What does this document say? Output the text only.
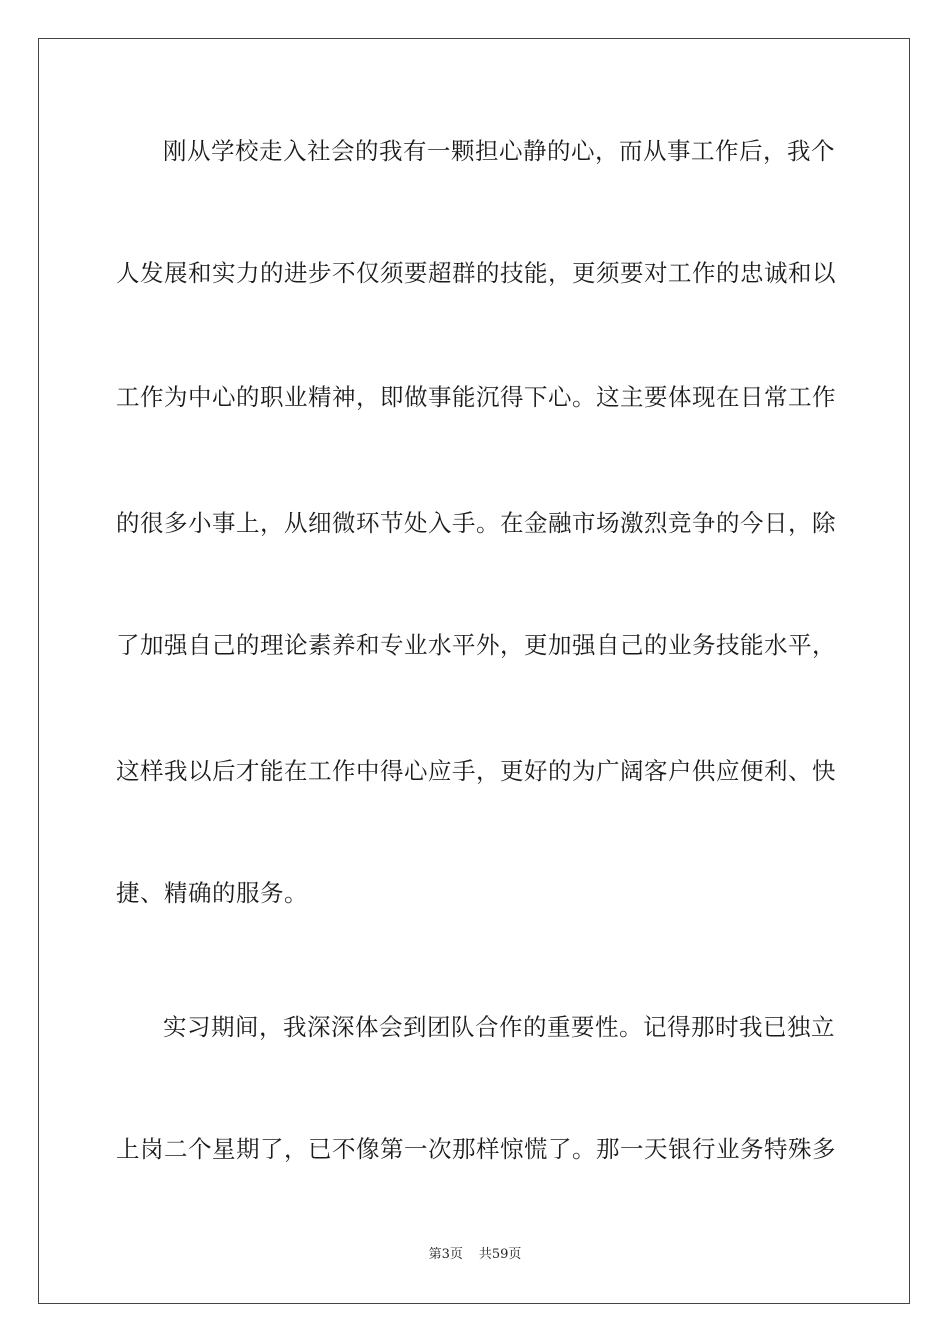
刚从学校走入社会的我有一颗担心静的心，而从事工作后，我个
人发展和实力的进步不仅须要超群的技能，更须要对工作的忠诚和以
工作为中心的职业精神，即做事能沉得下心。这主要体现在日常工作
的很多小事上，从细微环节处入手。在金融市场激烈竞争的今日，除
了加强自己的理论素养和专业水平外，更加强自己的业务技能水平，
这样我以后才能在工作中得心应手，更好的为广阔客户供应便利、快
捷、精确的服务。
实习期间，我深深体会到团队合作的重要性。记得那时我已独立
上岗二个星期了，已不像第一次那样惊慌了。那一天银行业务特殊多
第3页 共59页
